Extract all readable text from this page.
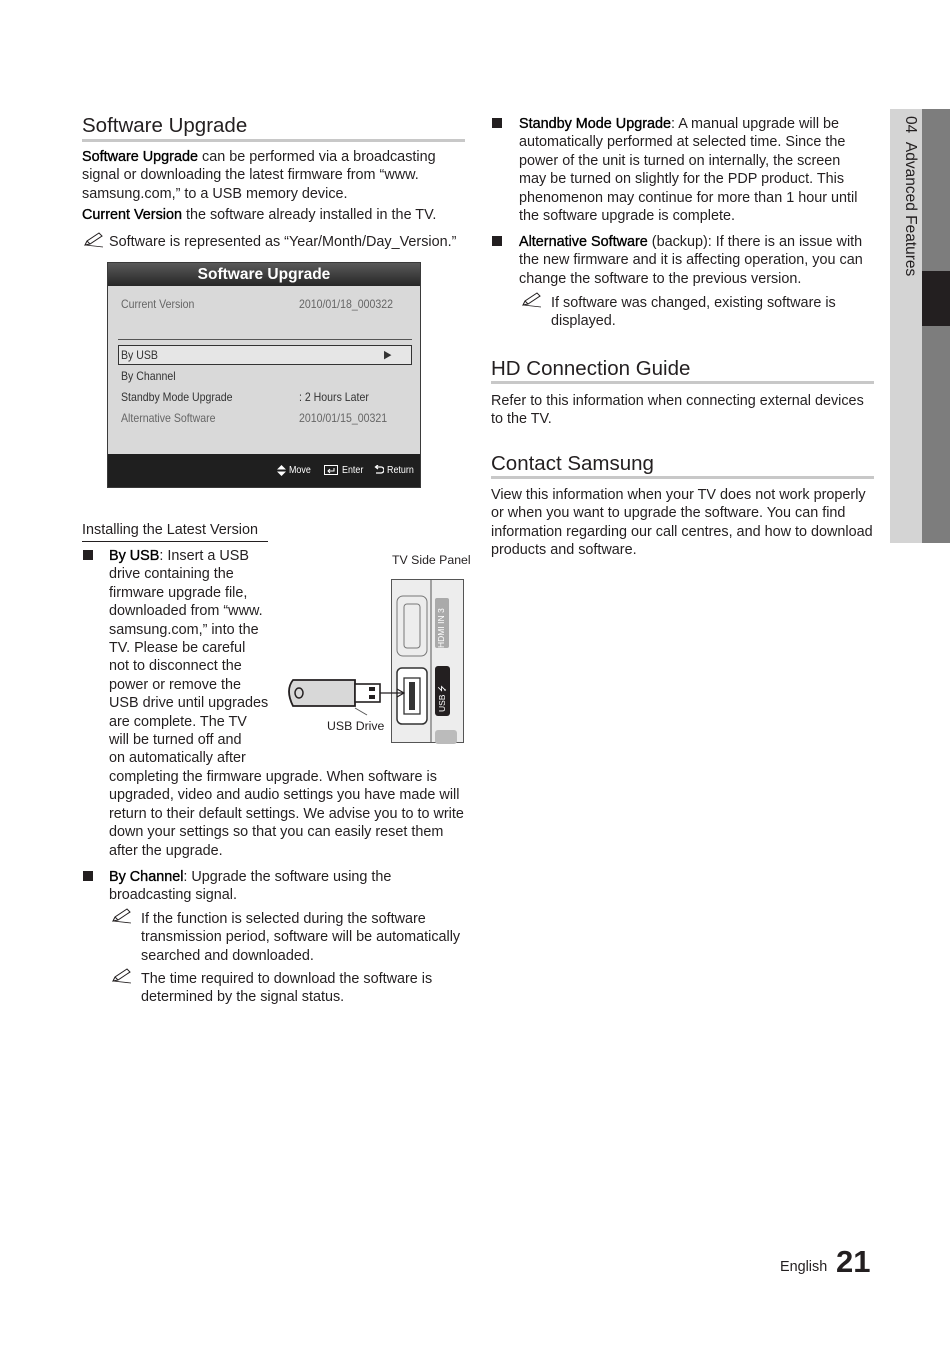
04  Advanced Features
Software Upgrade

Software Upgrade can be performed via a broadcasting signal or downloading the latest firmware from “www. samsung.com,” to a USB memory device.

Current Version the software already installed in the TV.

Software is represented as “Year/Month/Day_Version.”

Software Upgrade
Current Version	2010/01/18_000322
By USB	▶
By Channel
Standby Mode Upgrade	: 2 Hours Later
Alternative Software	2010/01/15_00321
Move	Enter Return

Installing the Latest Version

By USB: Insert a USB
drive containing the
firmware upgrade file,
downloaded from “www.
samsung.com,” into the
TV. Please be careful
not to disconnect the
power or remove the
USB drive until upgrades
are complete. The TV
will be turned off and
on automatically after

completing the firmware upgrade. When software is upgraded, video and audio settings you have made will return to their default settings. We advise you to to write down your settings so that you can easily reset them after the upgrade.

TV Side Panel
USB Drive
HDMI IN 3
USB ⭍

By Channel: Upgrade the software using the broadcasting signal.

If the function is selected during the software transmission period, software will be automatically searched and downloaded.

The time required to download the software is determined by the signal status.

Standby Mode Upgrade: A manual upgrade will be automatically performed at selected time. Since the power of the unit is turned on internally, the screen may be turned on slightly for the PDP product. This phenomenon may continue for more than 1 hour until the software upgrade is complete.

Alternative Software (backup): If there is an issue with the new firmware and it is affecting operation, you can change the software to the previous version.

If software was changed, existing software is displayed.

HD Connection Guide

Refer to this information when connecting external devices to the TV.

Contact Samsung

View this information when your TV does not work properly or when you want to upgrade the software. You can find information regarding our call centres, and how to download products and software.

English 21
